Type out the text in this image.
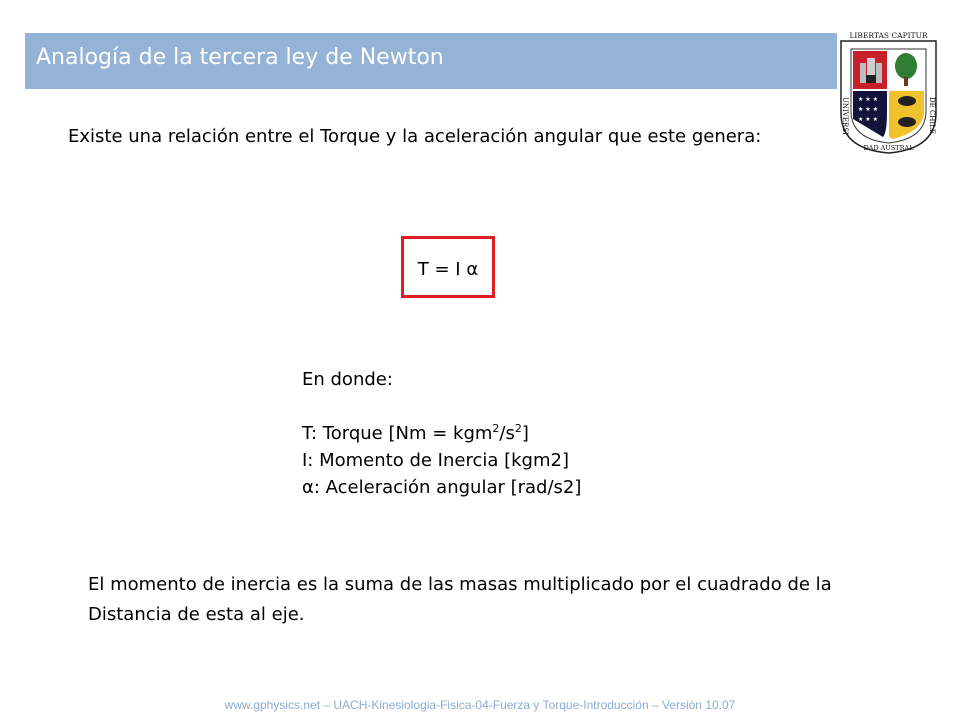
Analogía de la tercera ley de Newton
★ ★ ★
★ ★ ★
★ ★ ★
LIBERTAS CAPITUR
UNIVERSI
DAD AUSTRAL
DE CHILE
Existe una relación entre el Torque y la aceleración angular que este genera:
T = I α
En donde:
T: Torque $[Nm = kgm^2/s^2]$
I: Momento de Inercia [kgm2]
α: Aceleración angular [rad/s2]
El momento de inercia es la suma de las masas multiplicado por el cuadrado de la
Distancia de esta al eje.
www.gphysics.net – UACH-Kinesiologia-Fisica-04-Fuerza y Torque-Introducción – Versión 10.07
